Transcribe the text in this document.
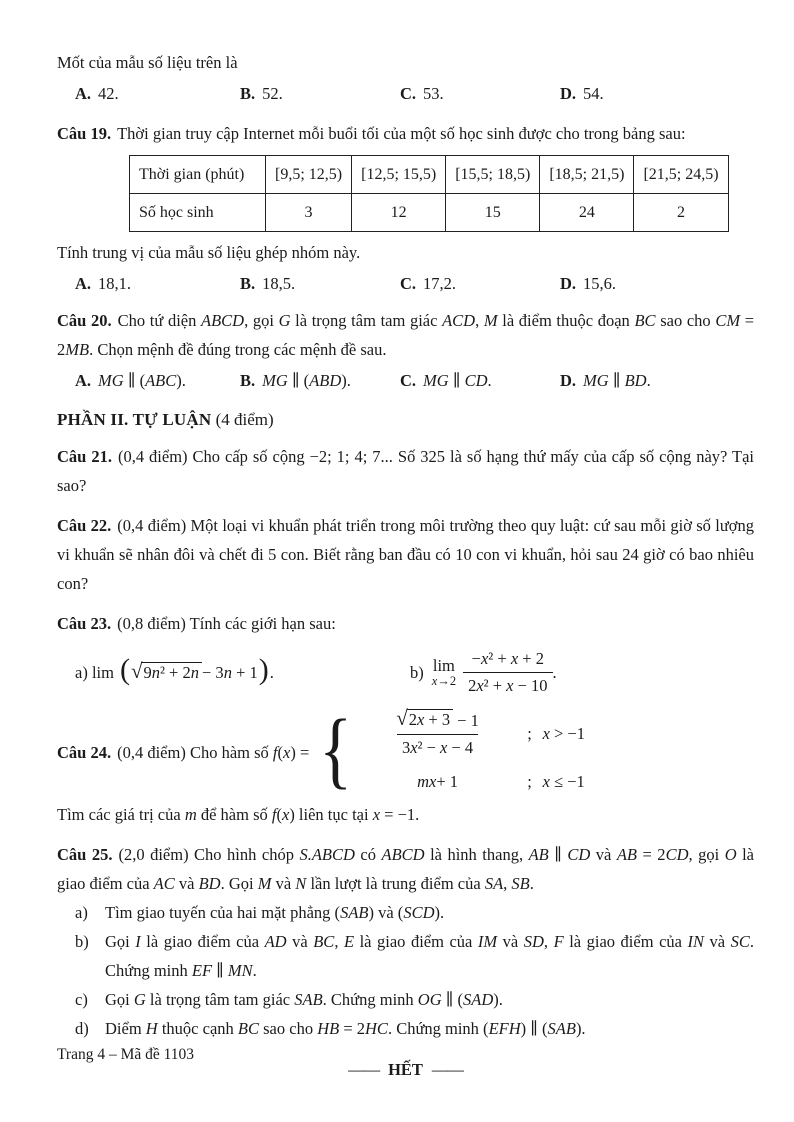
Mốt của mẫu số liệu trên là

A. 42.	B. 52.	C. 53.	D. 54.

Câu 19. Thời gian truy cập Internet mỗi buổi tối của một số học sinh được cho trong bảng sau:

Thời gian (phút)	[9,5; 12,5)	[12,5; 15,5)	[15,5; 18,5)	[18,5; 21,5)	[21,5; 24,5)
Số học sinh	3	12	15	24	2

Tính trung vị của mẫu số liệu ghép nhóm này.

A. 18,1.	B. 18,5.	C. 17,2.	D. 15,6.

Câu 20. Cho tứ diện ABCD, gọi G là trọng tâm tam giác ACD, M là điểm thuộc đoạn BC sao cho CM = 2MB. Chọn mệnh đề đúng trong các mệnh đề sau.

A. MG ∥ (ABC).	B. MG ∥ (ABD).	C. MG ∥ CD.	D. MG ∥ BD.

PHẦN II. TỰ LUẬN (4 điểm)

Câu 21. (0,4 điểm) Cho cấp số cộng −2; 1; 4; 7... Số 325 là số hạng thứ mấy của cấp số cộng này? Tại sao?

Câu 22. (0,4 điểm) Một loại vi khuẩn phát triển trong môi trường theo quy luật: cứ sau mỗi giờ số lượng vi khuẩn sẽ nhân đôi và chết đi 5 con. Biết rằng ban đầu có 10 con vi khuẩn, hỏi sau 24 giờ có bao nhiêu con?

Câu 23. (0,8 điểm) Tính các giới hạn sau:

a) lim ( √ 9n² + 2n − 3n + 1 ) .	b) lim
$x\to 2 \frac{\text{−x² + x + 2}}{\text{2x² + x − 10}}$ .
Câu 24. (0,4 điểm) Cho hàm số f(x) = { $\frac{√ 2x + 3 - 1}{\text{3x² − x − 4}}$	; x > −1
mx + 1	; x ≤ −1

Tìm các giá trị của m để hàm số f(x) liên tục tại x = −1.

Câu 25. (2,0 điểm) Cho hình chóp S.ABCD có ABCD là hình thang, AB ∥ CD và AB = 2CD, gọi O là giao điểm của AC và BD. Gọi M và N lần lượt là trung điểm của SA, SB.

a)	Tìm giao tuyến của hai mặt phẳng (SAB) và (SCD).
b) Gọi I là giao điểm của AD và BC, E là giao điểm của IM và SD, F là giao điểm của IN và SC. Chứng minh EF ∥ MN.
c)	Gọi G là trọng tâm tam giác SAB. Chứng minh OG ∥ (SAD).
d) Diểm H thuộc cạnh BC sao cho HB = 2HC. Chứng minh (EFH) ∥ (SAB).

—— HẾT ——

Trang 4 – Mã đề 1103
